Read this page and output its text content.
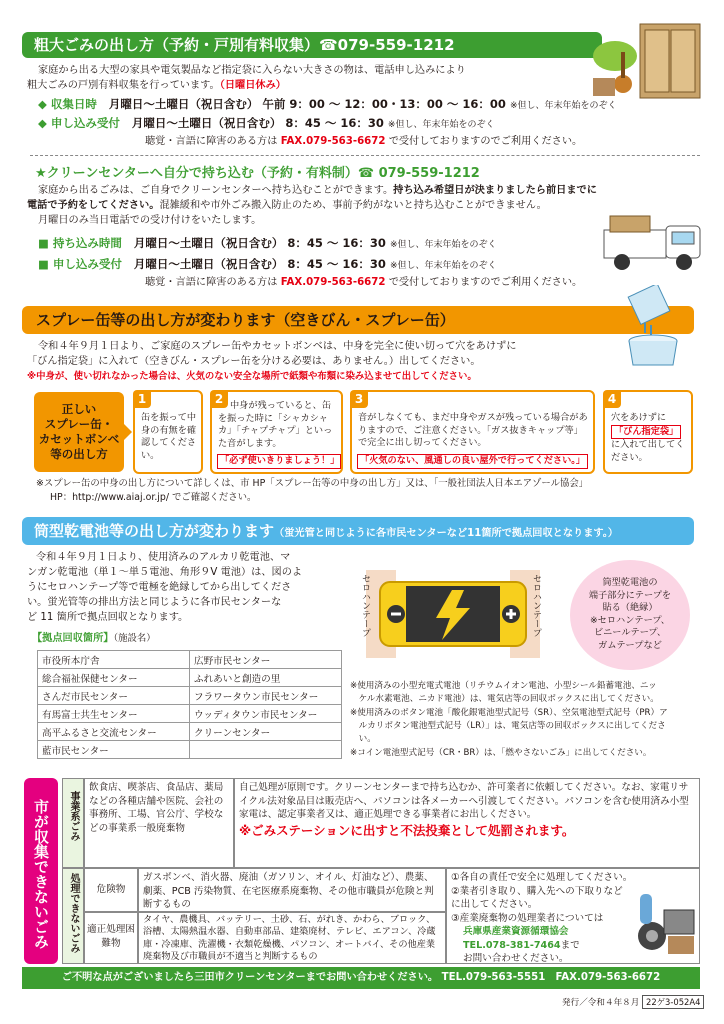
粗大ごみの出し方（予約・戸別有料収集）☎079-559-1212
家庭から出る大型の家具や電気製品など指定袋に入らない大きさの物は、電話申し込みにより
粗大ごみの戸別有料収集を行っています。（日曜日休み）
◆ 収集日時 月曜日～土曜日（祝日含む） 午前 9：00 ～ 12：00・13：00 ～ 16：00 ※但し、年末年始をのぞく
◆ 申し込み受付 月曜日～土曜日（祝日含む） 8：45 ～ 16：30 ※但し、年末年始をのぞく
聴覚・言語に障害のある方は FAX.079-563-6672 で受付しておりますのでご利用ください。
★クリーンセンターへ自分で持ち込む（予約・有料制）☎ 079-559-1212
家庭から出るごみは、ご自身でクリーンセンターへ持ち込むことができます。持ち込み希望日が決まりましたら前日までに
電話で予約をしてください。混雑緩和や市外ごみ搬入防止のため、事前予約がないと持ち込むことができません。
月曜日のみ当日電話での受け付けをいたします。
■ 持ち込み時間 月曜日～土曜日（祝日含む） 8：45 ～ 16：30 ※但し、年末年始をのぞく
■ 申し込み受付 月曜日～土曜日（祝日含む） 8：45 ～ 16：30 ※但し、年末年始をのぞく
聴覚・言語に障害のある方は FAX.079-563-6672 で受付しておりますのでご利用ください。
スプレー缶等の出し方が変わります（空きびん・スプレー缶）
令和４年９月１日より、ご家庭のスプレー缶やカセットボンベは、中身を完全に使い切って穴をあけずに
「びん指定袋」に入れて（空きびん・スプレー缶を分ける必要は、ありません。）出してください。
※中身が、使い切れなかった場合は、火気のない安全な場所で紙類や布類に染み込ませて出してください。
正しい
スプレー缶・
カセットボンベ
等の出し方
1
缶を振って中身の有無を確認してください。
2 中身が残っていると、缶を振った時に「シャカシャカ」「チャプチャプ」といった音がします。
「必ず使いきりましょう！」
3
音がしなくても、まだ中身やガスが残っている場合がありますので、ご注意ください。「ガス抜きキャップ等」で完全に出し切ってください。
「火気のない、風通しの良い屋外で行ってください。」
4
穴をあけずに
「びん指定袋」
に入れて出してください。
※スプレー缶の中身の出し方について詳しくは、市 HP「スプレー缶等の中身の出し方」又は、「一般社団法人日本エアゾール協会」
HP：http://www.aiaj.or.jp/ でご確認ください。
筒型乾電池等の出し方が変わります（蛍光管と同じように各市民センターなど11箇所で拠点回収となります。）
令和４年９月１日より、使用済みのアルカリ乾電池、マ
ンガン乾電池（単１～単５電池、角形９V 電池）は、図のよ
うにセロハンテープ等で電極を絶縁してから出してくださ
い。蛍光管等の排出方法と同じように各市民センターな
ど 11 箇所で拠点回収となります。
【拠点回収箇所】（施設名）
市役所本庁舎	広野市民センター
総合福祉保健センター	ふれあいと創造の里
さんだ市民センター	フラワータウン市民センター
有馬富士共生センター	ウッディタウン市民センター
高平ふるさと交流センター	クリーンセンター
藍市民センター	
セロハンテープ	セロハンテープ	筒型乾電池の
端子部分にテープを
貼る（絶縁）
※セロハンテープ、
ビニールテープ、
ガムテープなど
※使用済みの小型充電式電池（リチウムイオン電池、小型シール鉛蓄電池、ニッ
　ケル水素電池、ニカド電池）は、電気店等の回収ボックスに出してください。
※使用済みのボタン電池「酸化銀電池型式記号（SR）、空気電池型式記号（PR）ア
　ルカリボタン電池型式記号（LR）」は、電気店等の回収ボックスに出してくださ
　い。
※コイン電池型式記号（CR・BR）は、「燃やさないごみ」に出してください。
市が収集できないごみ	事業系ごみ
飲食店、喫茶店、食品店、薬局などの各種店舗や医院、会社の事務所、工場、官公庁、学校などの事業系一般廃棄物
自己処理が原則です。クリーンセンターまで持ち込むか、許可業者に依頼してください。なお、家電リサイクル法対象品目は販売店へ、パソコンは各メーカーへ引渡してください。パソコンを含む使用済み小型家電は、認定事業者又は、適正処理できる事業者にお出しください。
※ごみステーションに出すと不法投棄として処罰されます。
処理できないごみ	危険物
ガスボンベ、消火器、廃油（ガソリン、オイル、灯油など）、農薬、劇薬、PCB 汚染物質、在宅医療系廃棄物、その他市職員が危険と判断するもの
適正処理困難物
タイヤ、農機具、バッテリー、土砂、石、がれき、かわら、ブロック、浴槽、太陽熱温水器、自動車部品、建築廃材、テレビ、エアコン、冷蔵庫・冷凍庫、洗濯機・衣類乾燥機、パソコン、オートバイ、その他産業廃棄物及び市職員が不適当と判断するもの
①各自の責任で安全に処理してください。
②業者引き取り、購入先への下取りなどに出してください。
③産業廃棄物の処理業者については
兵庫県産業資源循環協会
TEL.078-381-7464まで
お問い合わせください。
ご不明な点がございましたら三田市クリーンセンターまでお問い合わせください。 TEL.079-563-5551　FAX.079-563-6672
発行／令和４年８月 22ゲ3-052A4
